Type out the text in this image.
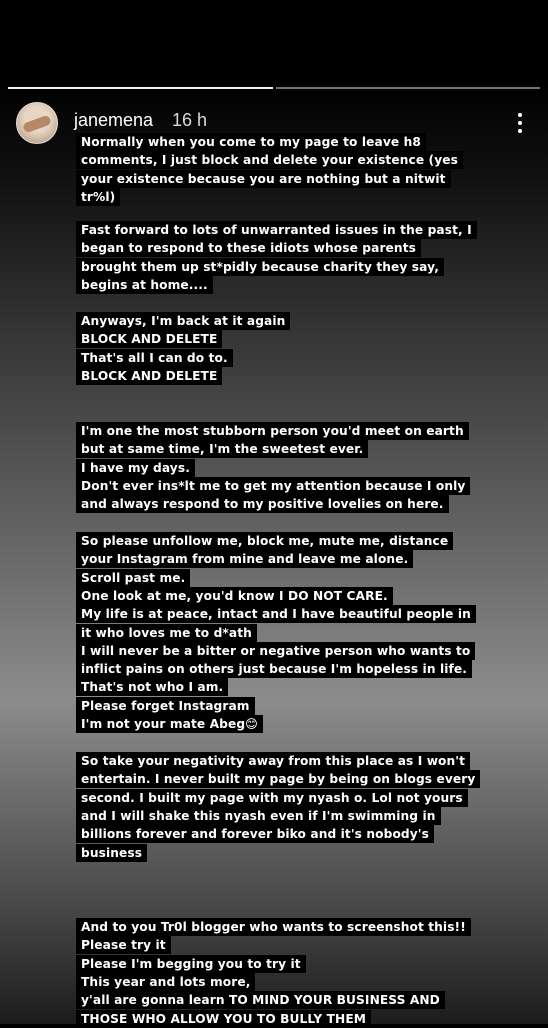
janemena 16 h
Normally when you come to my page to leave h8
comments, I just block and delete your existence (yes
your existence because you are nothing but a nitwit
tr%l)
Fast forward to lots of unwarranted issues in the past, I
began to respond to these idiots whose parents
brought them up st*pidly because charity they say,
begins at home....
Anyways, I'm back at it again
BLOCK AND DELETE
That's all I can do to.
BLOCK AND DELETE
I'm one the most stubborn person you'd meet on earth
but at same time, I'm the sweetest ever.
I have my days.
Don't ever ins*lt me to get my attention because I only
and always respond to my positive lovelies on here.
So please unfollow me, block me, mute me, distance
your Instagram from mine and leave me alone.
Scroll past me.
One look at me, you'd know I DO NOT CARE.
My life is at peace, intact and I have beautiful people in
it who loves me to d*ath
I will never be a bitter or negative person who wants to
inflict pains on others just because I'm hopeless in life.
That's not who I am.
Please forget Instagram
I'm not your mate Abeg😊
So take your negativity away from this place as I won't
entertain. I never built my page by being on blogs every
second. I built my page with my nyash o. Lol not yours
and I will shake this nyash even if I'm swimming in
billions forever and forever biko and it's nobody's
business
And to you Tr0l blogger who wants to screenshot this!!
Please try it
Please I'm begging you to try it
This year and lots more,
y'all are gonna learn TO MIND YOUR BUSINESS AND
THOSE WHO ALLOW YOU TO BULLY THEM
